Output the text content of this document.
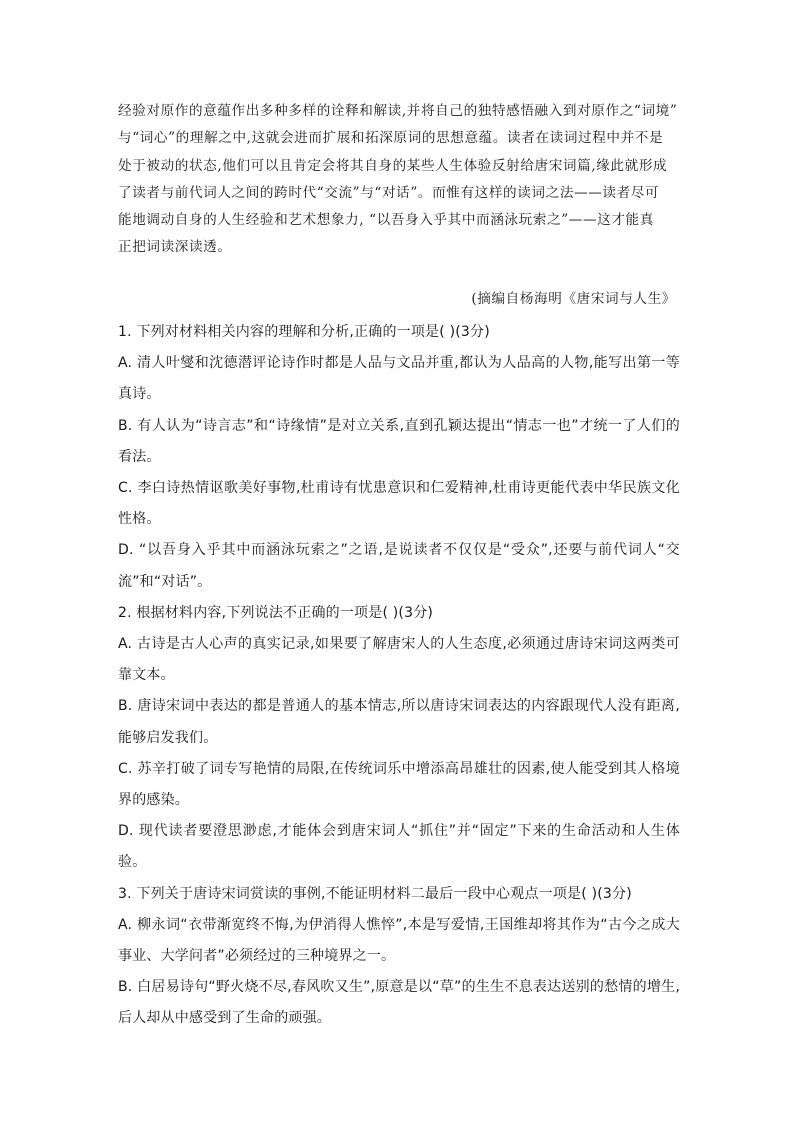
经验对原作的意蕴作出多种多样的诠释和解读,并将自己的独特感悟融入到对原作之“词境”

与“词心”的理解之中,这就会进而扩展和拓深原词的思想意蕴。读者在读词过程中并不是

处于被动的状态,他们可以且肯定会将其自身的某些人生体验反射给唐宋词篇,缘此就形成

了读者与前代词人之间的跨时代“交流”与“对话”。而惟有这样的读词之法——读者尽可

能地调动自身的人生经验和艺术想象力, “以吾身入乎其中而涵泳玩索之”——这才能真

正把词读深读透。

(摘编自杨海明《唐宋词与人生》

1. 下列对材料相关内容的理解和分析,正确的一项是( )(3分)

A. 清人叶燮和沈德潜评论诗作时都是人品与文品并重,都认为人品高的人物,能写出第一等真诗。

B. 有人认为“诗言志”和“诗缘情”是对立关系,直到孔颖达提出“情志一也”才统一了人们的看法。

C. 李白诗热情讴歌美好事物,杜甫诗有忧患意识和仁爱精神,杜甫诗更能代表中华民族文化性格。

D. “以吾身入乎其中而涵泳玩索之”之语,是说读者不仅仅是“受众”,还要与前代词人“交流”和“对话”。

2. 根据材料内容,下列说法不正确的一项是( )(3分)

A. 古诗是古人心声的真实记录,如果要了解唐宋人的人生态度,必须通过唐诗宋词这两类可靠文本。

B. 唐诗宋词中表达的都是普通人的基本情志,所以唐诗宋词表达的内容跟现代人没有距离,能够启发我们。

C. 苏辛打破了词专写艳情的局限,在传统词乐中增添高昂雄壮的因素,使人能受到其人格境界的感染。

D. 现代读者要澄思渺虑,才能体会到唐宋词人“抓住”并“固定”下来的生命活动和人生体验。

3. 下列关于唐诗宋词赏读的事例,不能证明材料二最后一段中心观点一项是( )(3分)

A. 柳永词“衣带渐宽终不悔,为伊消得人憔悴”,本是写爱情,王国维却将其作为“古今之成大事业、大学问者”必须经过的三种境界之一。

B. 白居易诗句“野火烧不尽,春风吹又生”,原意是以“草”的生生不息表达送别的愁情的增生,后人却从中感受到了生命的顽强。
